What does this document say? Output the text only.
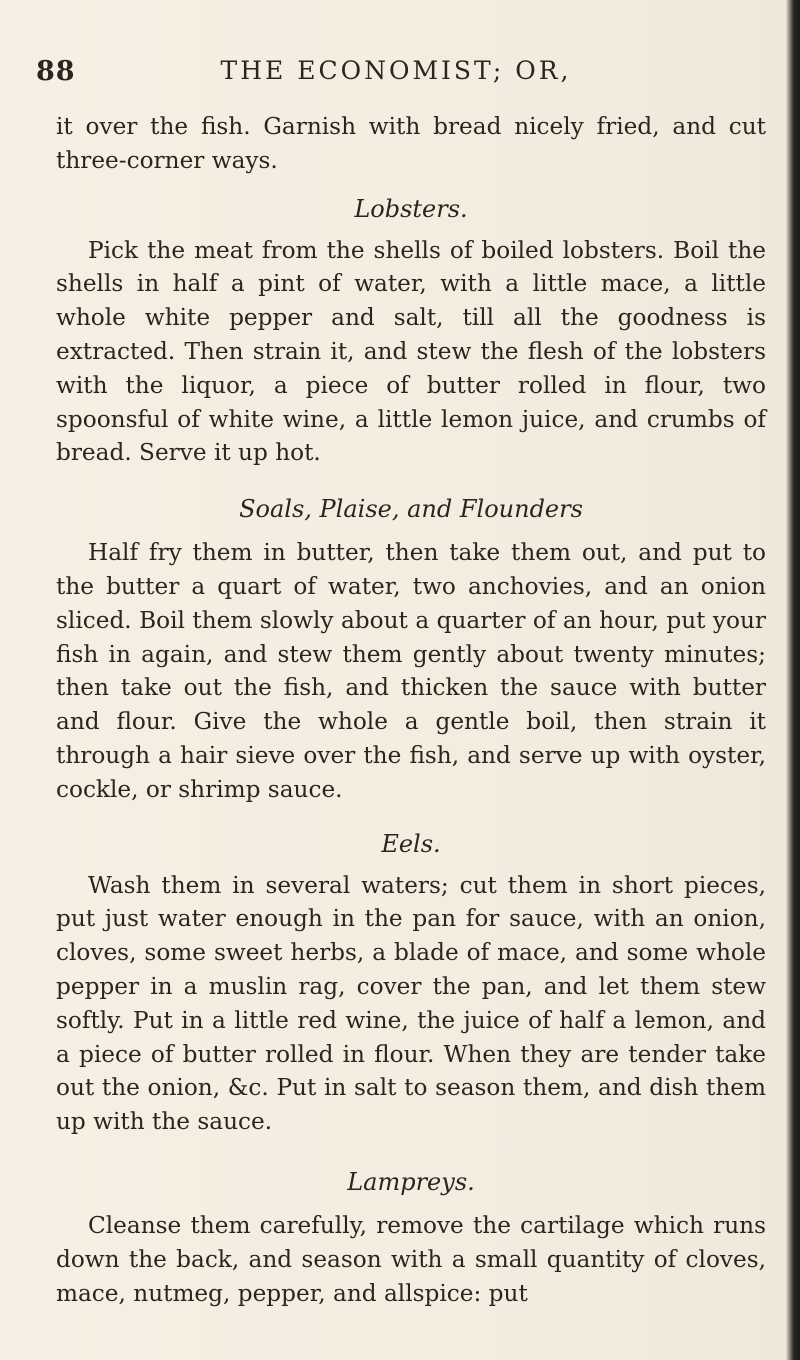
88	THE ECONOMIST; OR,

it over the fish. Garnish with bread nicely fried, and cut three-corner ways.

Lobsters.

Pick the meat from the shells of boiled lobsters. Boil the shells in half a pint of water, with a little mace, a little whole white pepper and salt, till all the goodness is extracted. Then strain it, and stew the flesh of the lobsters with the liquor, a piece of butter rolled in flour, two spoonsful of white wine, a little lemon juice, and crumbs of bread. Serve it up hot.

Soals, Plaise, and Flounders

Half fry them in butter, then take them out, and put to the butter a quart of water, two anchovies, and an onion sliced. Boil them slowly about a quarter of an hour, put your fish in again, and stew them gently about twenty minutes; then take out the fish, and thicken the sauce with butter and flour. Give the whole a gentle boil, then strain it through a hair sieve over the fish, and serve up with oyster, cockle, or shrimp sauce.

Eels.

Wash them in several waters; cut them in short pieces, put just water enough in the pan for sauce, with an onion, cloves, some sweet herbs, a blade of mace, and some whole pepper in a muslin rag, cover the pan, and let them stew softly. Put in a little red wine, the juice of half a lemon, and a piece of butter rolled in flour. When they are tender take out the onion, &c. Put in salt to season them, and dish them up with the sauce.

Lampreys.

Cleanse them carefully, remove the cartilage which runs down the back, and season with a small quantity of cloves, mace, nutmeg, pepper, and allspice: put
